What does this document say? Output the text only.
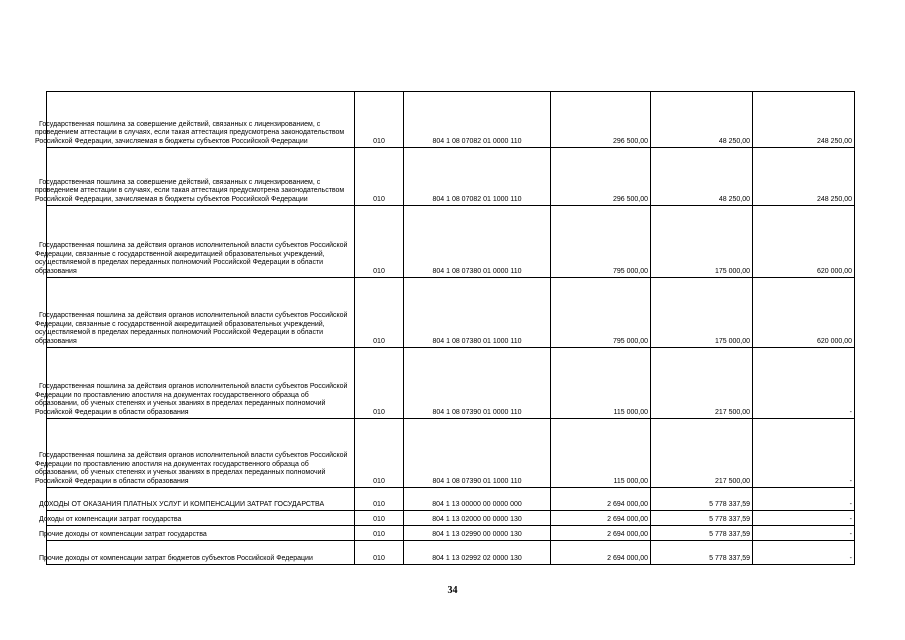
Государственная пошлина за совершение действий, связанных с лицензированием, с проведением аттестации в случаях, если такая аттестация предусмотрена законодательством Российской Федерации, зачисляемая в бюджеты субъектов Российской Федерации	010	804 1 08 07082 01 0000 110	296 500,00	48 250,00	248 250,00

Государственная пошлина за совершение действий, связанных с лицензированием, с проведением аттестации в случаях, если такая аттестация предусмотрена законодательством Российской Федерации, зачисляемая в бюджеты субъектов Российской Федерации	010	804 1 08 07082 01 1000 110	296 500,00	48 250,00	248 250,00

Государственная пошлина за действия органов исполнительной власти субъектов Российской Федерации, связанные с государственной аккредитацией образовательных учреждений, осуществляемой в пределах переданных полномочий Российской Федерации в области образования	010	804 1 08 07380 01 0000 110	795 000,00	175 000,00	620 000,00

Государственная пошлина за действия органов исполнительной власти субъектов Российской Федерации, связанные с государственной аккредитацией образовательных учреждений, осуществляемой в пределах переданных полномочий Российской Федерации в области образования	010	804 1 08 07380 01 1000 110	795 000,00	175 000,00	620 000,00

Государственная пошлина за действия органов исполнительной власти субъектов Российской Федерации по проставлению апостиля на документах государственного образца об образовании, об ученых степенях и ученых званиях в пределах переданных полномочий Российской Федерации в области образования	010	804 1 08 07390 01 0000 110	115 000,00	217 500,00	-

Государственная пошлина за действия органов исполнительной власти субъектов Российской Федерации по проставлению апостиля на документах государственного образца об образовании, об ученых степенях и ученых званиях в пределах переданных полномочий Российской Федерации в области образования	010	804 1 08 07390 01 1000 110	115 000,00	217 500,00	-

ДОХОДЫ ОТ ОКАЗАНИЯ ПЛАТНЫХ УСЛУГ И КОМПЕНСАЦИИ ЗАТРАТ ГОСУДАРСТВА	010	804 1 13 00000 00 0000 000	2 694 000,00	5 778 337,59	-

Доходы от компенсации затрат государства	010	804 1 13 02000 00 0000 130	2 694 000,00	5 778 337,59	-

Прочие доходы от компенсации затрат государства	010	804 1 13 02990 00 0000 130	2 694 000,00	5 778 337,59	-

Прочие доходы от компенсации затрат бюджетов субъектов Российской Федерации	010	804 1 13 02992 02 0000 130	2 694 000,00	5 778 337,59	-
34
